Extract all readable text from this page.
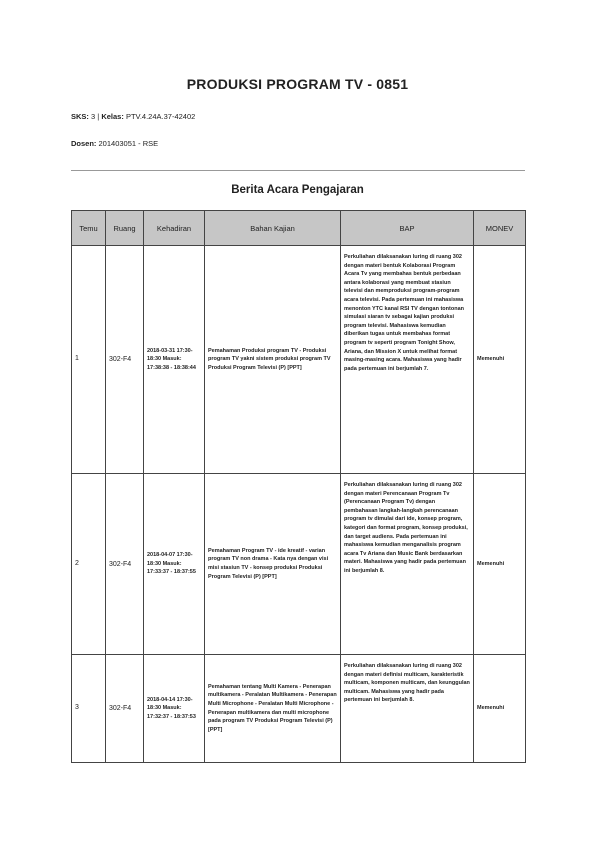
PRODUKSI PROGRAM TV - 0851
SKS: 3 | Kelas: PTV.4.24A.37-42402
Dosen: 201403051 - RSE
Berita Acara Pengajaran
Temu	Ruang	Kehadiran	Bahan Kajian	BAP	MONEV
1	302-F4	2018-03-31 17:30-18:30 Masuk: 17:38:38 - 18:38:44	Pemahaman Produksi program TV - Produksi program TV yakni sistem produksi program TV Produksi Program Televisi (P) [PPT]	Perkuliahan dilaksanakan luring di ruang 302 dengan materi bentuk Kolaborasi Program Acara Tv yang membahas bentuk perbedaan antara kolaborasi yang membuat stasiun televisi dan memproduksi program-program acara televisi. Pada pertemuan ini mahasiswa menonton YTC kanal RSI TV dengan tontonan simulasi siaran tv sebagai kajian produksi program televisi. Mahasiswa kemudian diberikan tugas untuk membahas format program tv seperti program Tonight Show, Ariana, dan Mission X untuk melihat format masing-masing acara. Mahasiswa yang hadir pada pertemuan ini berjumlah 7.	Memenuhi
2	302-F4	2018-04-07 17:30-18:30 Masuk: 17:33:37 - 18:37:55	Pemahaman Program TV - ide kreatif - varian program TV non drama - Kata nya dengan visi misi stasiun TV - konsep produksi Produksi Program Televisi (P) [PPT]	Perkuliahan dilaksanakan luring di ruang 302 dengan materi Perencanaan Program Tv (Perencanaan Program Tv) dengan pembahasan langkah-langkah perencanaan program tv dimulai dari ide, konsep program, kategori dan format program, konsep produksi, dan target audiens. Pada pertemuan ini mahasiswa kemudian menganalisis program acara Tv Ariana dan Music Bank berdasarkan materi. Mahasiswa yang hadir pada pertemuan ini berjumlah 8.	Memenuhi
3	302-F4	2018-04-14 17:30-18:30 Masuk: 17:32:37 - 18:37:53	Pemahaman tentang Multi Kamera - Penerapan multikamera - Peralatan Multikamera - Penerapan Multi Microphone - Peralatan Multi Microphone - Penerapan multikamera dan multi microphone pada program TV Produksi Program Televisi (P) [PPT]	Perkuliahan dilaksanakan luring di ruang 302 dengan materi definisi multicam, karakteristik multicam, komponen multicam, dan keunggulan multicam. Mahasiswa yang hadir pada pertemuan ini berjumlah 8.	Memenuhi
